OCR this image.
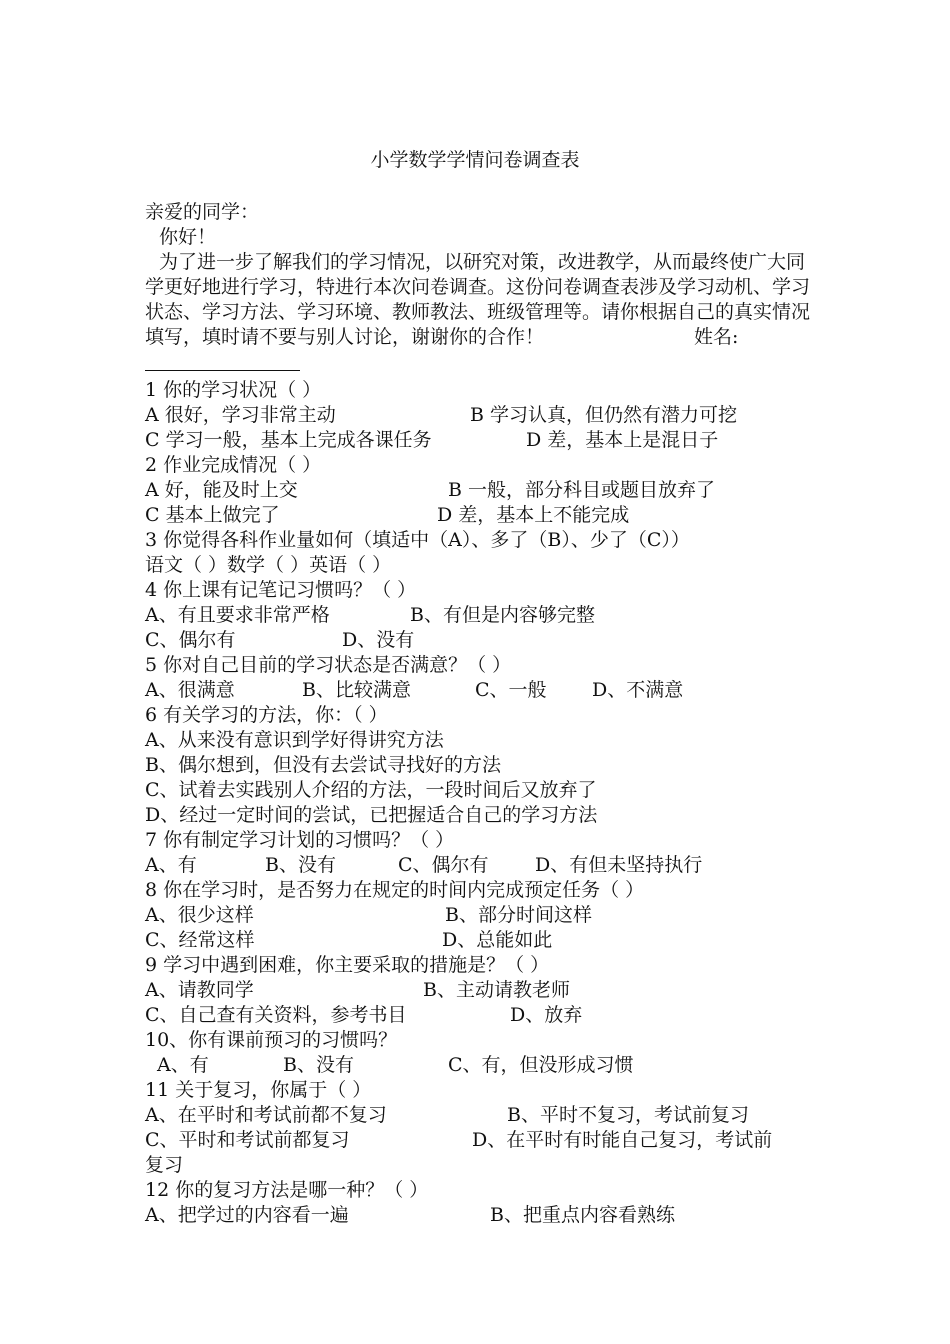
小学数学学情问卷调查表
亲爱的同学：
你好！
为了进一步了解我们的学习情况，以研究对策，改进教学，从而最终使广大同学更好地进行学习，特进行本次问卷调查。这份问卷调查表涉及学习动机、学习状态、学习方法、学习环境、教师教法、班级管理等。请你根据自己的真实情况填写，填时请不要与别人讨论，谢谢你的合作！	姓名:
1 你的学习状况（ ）
A 很好，学习非常主动	B 学习认真，但仍然有潜力可挖
C 学习一般，基本上完成各课任务	D 差，基本上是混日子
2 作业完成情况（ ）
A 好，能及时上交	B 一般，部分科目或题目放弃了
C 基本上做完了	D 差，基本上不能完成
3 你觉得各科作业量如何（填适中（A）、多了（B）、少了（C））
语文（ ）数学（ ）英语（ ）
4 你上课有记笔记习惯吗？（ ）
A、有且要求非常严格	B、有但是内容够完整
C、偶尔有	D、没有
5 你对自己目前的学习状态是否满意？（ ）
A、很满意	B、比较满意	C、一般 D、不满意
6 有关学习的方法，你：（ ）
A、从来没有意识到学好得讲究方法
B、偶尔想到，但没有去尝试寻找好的方法
C、试着去实践别人介绍的方法，一段时间后又放弃了
D、经过一定时间的尝试，已把握适合自己的学习方法
7 你有制定学习计划的习惯吗？（ ）
A、有	B、没有	C、偶尔有 D、有但未坚持执行
8 你在学习时，是否努力在规定的时间内完成预定任务（ ）
A、很少这样	B、部分时间这样
C、经常这样	D、总能如此
9 学习中遇到困难，你主要采取的措施是？（ ）
A、请教同学	B、主动请教老师
C、自己查有关资料，参考书目	D、放弃
10、你有课前预习的习惯吗？
A、有	B、没有	C、有，但没形成习惯
11 关于复习，你属于（ ）
A、在平时和考试前都不复习	B、平时不复习，考试前复习
C、平时和考试前都复习	D、在平时有时能自己复习，考试前
复习
12 你的复习方法是哪一种？（ ）
A、把学过的内容看一遍	B、把重点内容看熟练
